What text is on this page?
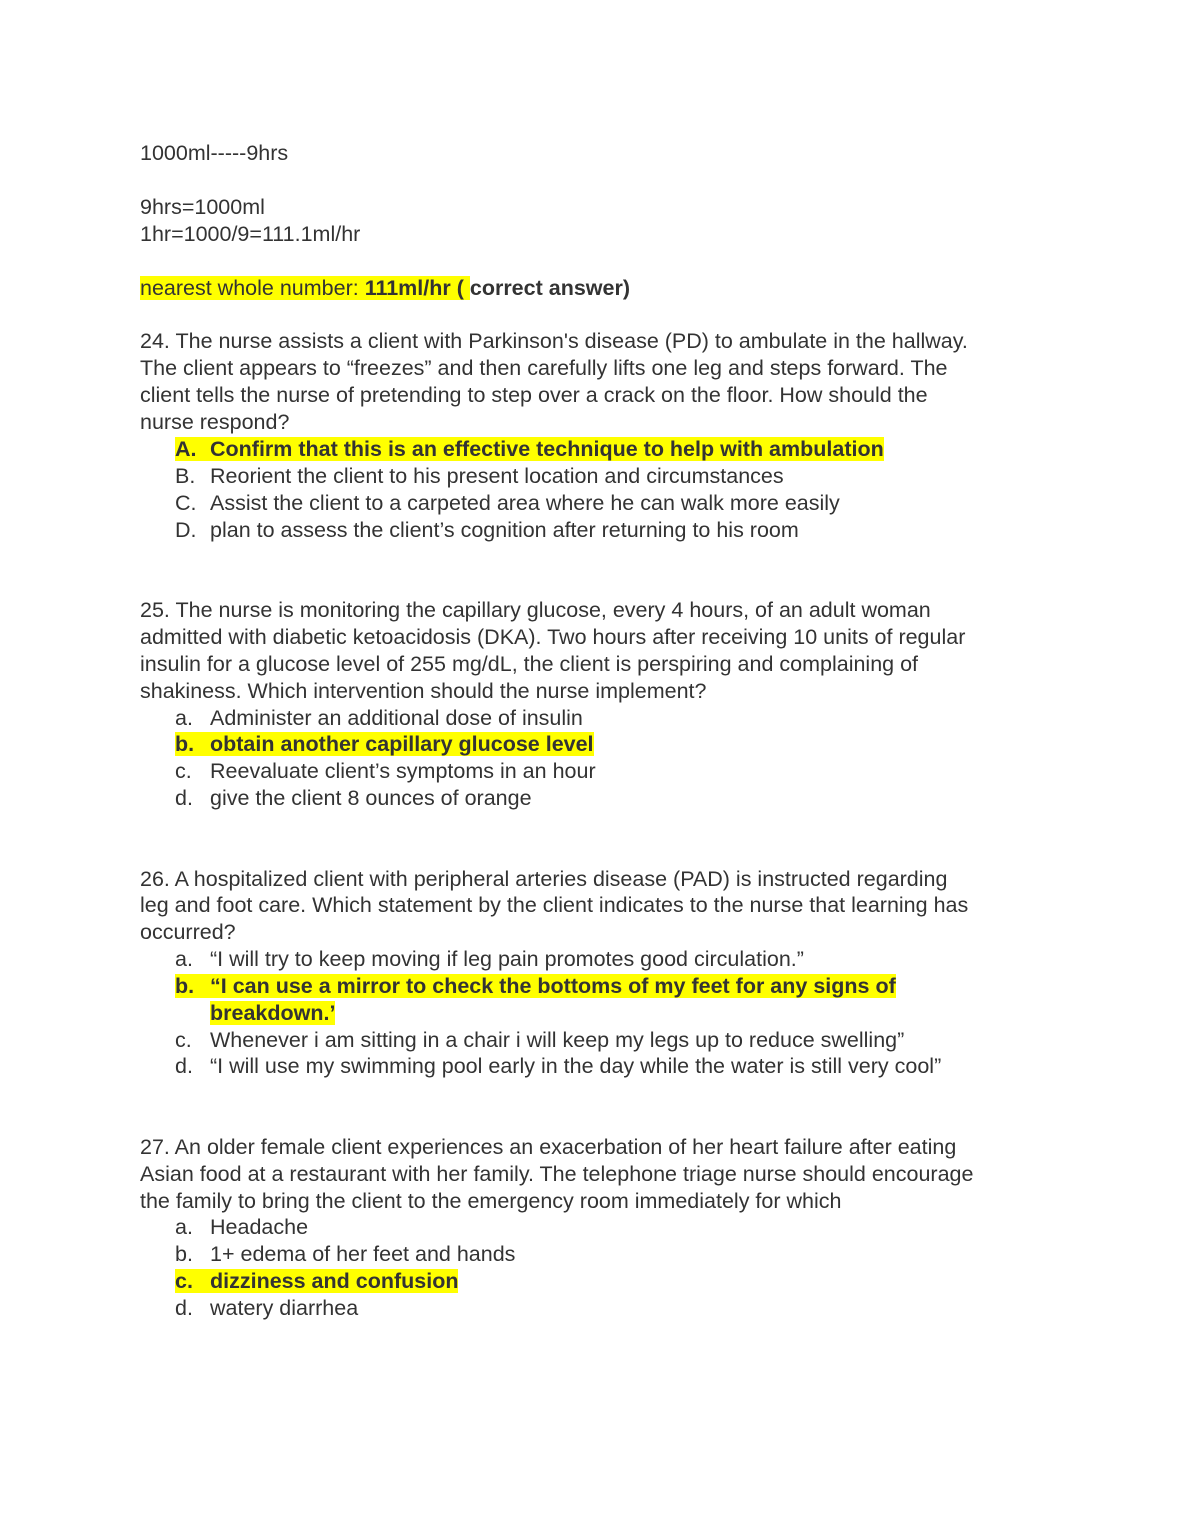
1000ml-----9hrs

9hrs=1000ml

1hr=1000/9=111.1ml/hr

nearest whole number: 111ml/hr ( correct answer)

24. The nurse assists a client with Parkinson's disease (PD) to ambulate in the hallway.

The client appears to “freezes” and then carefully lifts one leg and steps forward. The

client tells the nurse of pretending to step over a crack on the floor. How should the

nurse respond?

A. Confirm that this is an effective technique to help with ambulation

B. Reorient the client to his present location and circumstances

C. Assist the client to a carpeted area where he can walk more easily

D. plan to assess the client’s cognition after returning to his room

25. The nurse is monitoring the capillary glucose, every 4 hours, of an adult woman

admitted with diabetic ketoacidosis (DKA). Two hours after receiving 10 units of regular

insulin for a glucose level of 255 mg/dL, the client is perspiring and complaining of

shakiness. Which intervention should the nurse implement?

a. Administer an additional dose of insulin

b. obtain another capillary glucose level

c. Reevaluate client’s symptoms in an hour

d. give the client 8 ounces of orange

26. A hospitalized client with peripheral arteries disease (PAD) is instructed regarding

leg and foot care. Which statement by the client indicates to the nurse that learning has

occurred?

a. “I will try to keep moving if leg pain promotes good circulation.”

b. “I can use a mirror to check the bottoms of my feet for any signs of

breakdown.’

c. Whenever i am sitting in a chair i will keep my legs up to reduce swelling”

d. “I will use my swimming pool early in the day while the water is still very cool”

27. An older female client experiences an exacerbation of her heart failure after eating

Asian food at a restaurant with her family. The telephone triage nurse should encourage

the family to bring the client to the emergency room immediately for which

a. Headache

b. 1+ edema of her feet and hands

c. dizziness and confusion

d. watery diarrhea
